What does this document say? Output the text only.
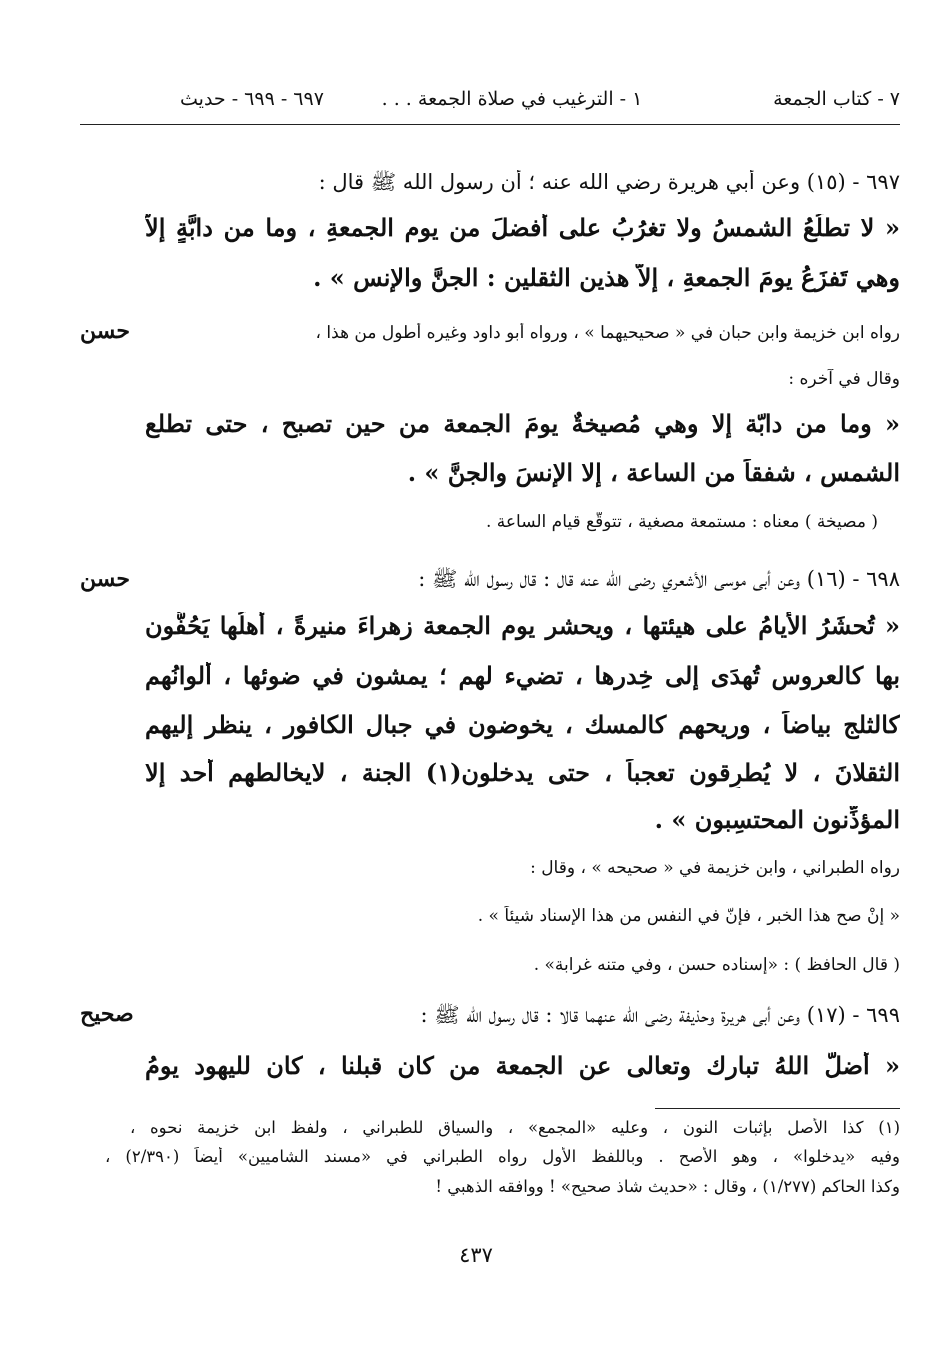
٧ - كتاب الجمعة
١ - الترغيب في صلاة الجمعة . . .
٦٩٧ - ٦٩٩ - حديث
٦٩٧ - (١٥) وعن أبي هريرة رضي الله عنه ؛ أن رسول الله ﷺ قال :
« لا تطلُعُ الشمسُ ولا تغرُبُ على أفضلَ من يوم الجمعةِ ، وما من دابَّةٍ إلاَّ
وهي تَفزَعُ يومَ الجمعةِ ، إلاّ هذين الثقلين : الجنَّ والإنس » .
رواه ابن خزيمة وابن حبان في « صحيحيهما » ، ورواه أبو داود وغيره أطول من هذا ،
حسن
وقال في آخره :
« وما من دابّة إلا وهي مُصيخةٌ يومَ الجمعة من حين تصبح ، حتى تطلع
الشمس ، شفقاً من الساعة ، إلا الإنسَ والجنَّ » .
( مصيخة ) معناه : مستمعة مصغية ، تتوقّع قيام الساعة .
٦٩٨ - (١٦) وعن أبي موسى الأشعري رضي الله عنه قال : قال رسول الله ﷺ :
حسن
« تُحشَرُ الأيامُ على هيئتها ، ويحشر يوم الجمعة زهراءَ منيرةً ، أهلُها يَحُفُّون
بها كالعروس تُهدَى إلى خِدرها ، تضيء لهم ؛ يمشون في ضوئها ، ألوانُهم
كالثلج بياضاً ، وريحهم كالمسك ، يخوضون في جبال الكافور ، ينظر إليهم
الثقلانَ ، لا يُطرِقون تعجباً ، حتى يدخلون(١) الجنة ، لايخالطهم أحد إلا
المؤذِّنون المحتسِبون » .
رواه الطبراني ، وابن خزيمة في « صحيحه » ، وقال :
« إنْ صح هذا الخبر ، فإنّ في النفس من هذا الإسناد شيئاً » .
( قال الحافظ ) : «إسناده حسن ، وفي متنه غرابة» .
٦٩٩ - (١٧) وعن أبي هريرة وحذيفة رضي الله عنهما قالا : قال رسول الله ﷺ :
صحيح
« أضلَّ اللهُ تبارك وتعالى عن الجمعة من كان قبلنا ، كان لليهود يومُ
(١) كذا الأصل بإثبات النون ، وعليه «المجمع» ، والسياق للطبراني ، ولفظ ابن خزيمة نحوه ،
وفيه «يدخلوا» ، وهو الأصح . وباللفظ الأول رواه الطبراني في «مسند الشاميين» أيضاً (٢/٣٩٠) ،
وكذا الحاكم (١/٢٧٧) ، وقال : «حديث شاذ صحيح» ! ووافقه الذهبي !
٤٣٧
